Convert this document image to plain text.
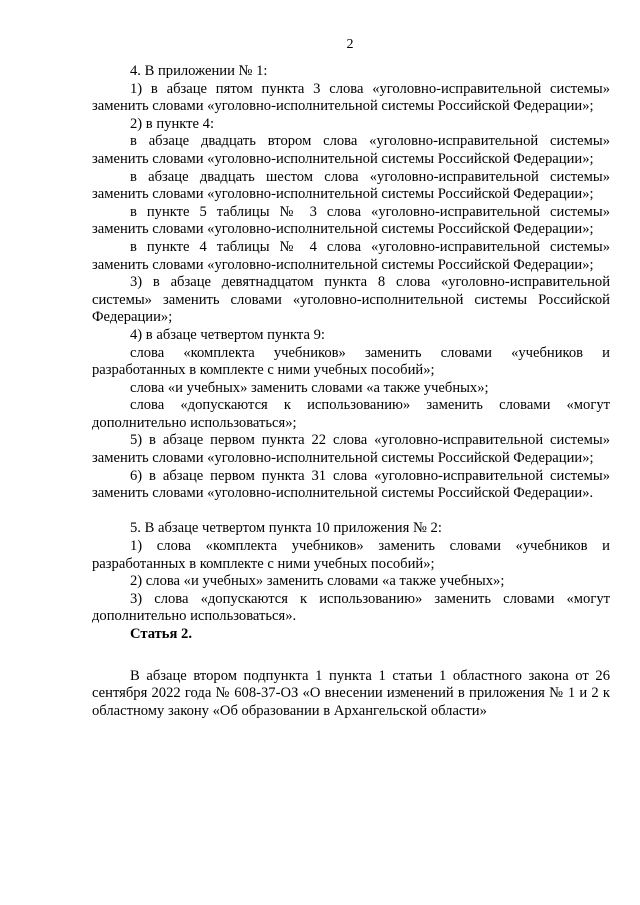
2

4. В приложении № 1:

1) в абзаце пятом пункта 3 слова «уголовно-исправительной системы» заменить словами «уголовно-исполнительной системы Российской Федерации»;

2) в пункте 4:

в абзаце двадцать втором слова «уголовно-исправительной системы» заменить словами «уголовно-исполнительной системы Российской Федерации»;

в абзаце двадцать шестом слова «уголовно-исправительной системы» заменить словами «уголовно-исполнительной системы Российской Федерации»;

в пункте 5 таблицы № 3 слова «уголовно-исправительной системы» заменить словами «уголовно-исполнительной системы Российской Федерации»;

в пункте 4 таблицы № 4 слова «уголовно-исправительной системы» заменить словами «уголовно-исполнительной системы Российской Федерации»;

3) в абзаце девятнадцатом пункта 8 слова «уголовно-исправительной системы» заменить словами «уголовно-исполнительной системы Российской Федерации»;

4) в абзаце четвертом пункта 9:

слова «комплекта учебников» заменить словами «учебников и разработанных в комплекте с ними учебных пособий»;

слова «и учебных» заменить словами «а также учебных»;

слова «допускаются к использованию» заменить словами «могут дополнительно использоваться»;

5) в абзаце первом пункта 22 слова «уголовно-исправительной системы» заменить словами «уголовно-исполнительной системы Российской Федерации»;

6) в абзаце первом пункта 31 слова «уголовно-исправительной системы» заменить словами «уголовно-исполнительной системы Российской Федерации».

5. В абзаце четвертом пункта 10 приложения № 2:

1) слова «комплекта учебников» заменить словами «учебников и разработанных в комплекте с ними учебных пособий»;

2) слова «и учебных» заменить словами «а также учебных»;

3) слова «допускаются к использованию» заменить словами «могут дополнительно использоваться».

Статья 2.

В абзаце втором подпункта 1 пункта 1 статьи 1 областного закона от 26 сентября 2022 года № 608-37-ОЗ «О внесении изменений в приложения № 1 и 2 к областному закону «Об образовании в Архангельской области»
